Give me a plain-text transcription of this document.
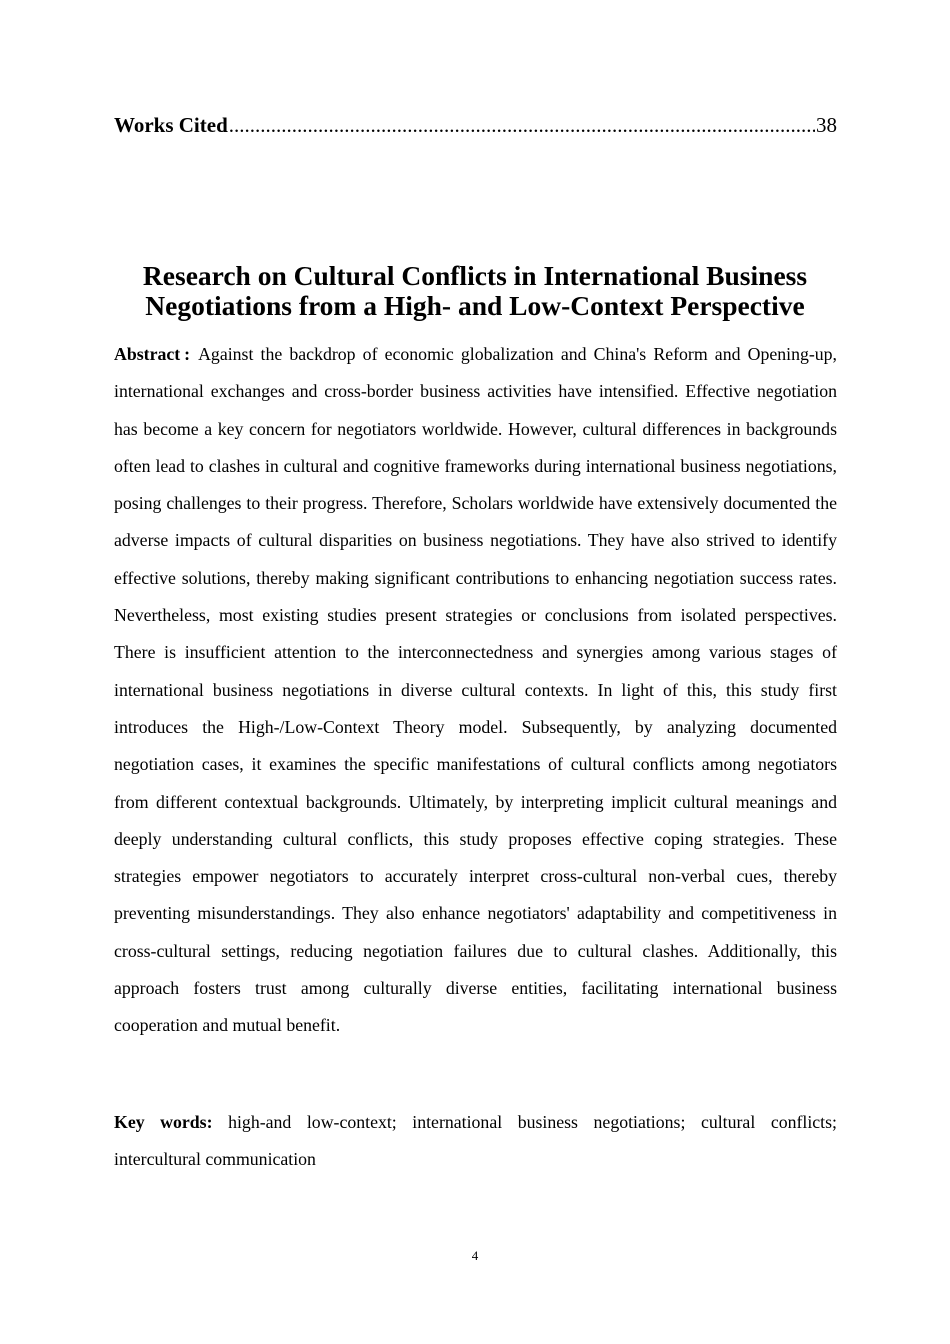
Works Cited
.....	38
Research on Cultural Conflicts in International Business
Negotiations from a High- and Low-Context Perspective

Abstract : Against the backdrop of economic globalization and China's Reform and Opening-up, international exchanges and cross-border business activities have intensified. Effective negotiation has become a key concern for negotiators worldwide. However, cultural differences in backgrounds often lead to clashes in cultural and cognitive frameworks during international business negotiations, posing challenges to their progress. Therefore, Scholars worldwide have extensively documented the adverse impacts of cultural disparities on business negotiations. They have also strived to identify effective solutions, thereby making significant contributions to enhancing negotiation success rates. Nevertheless, most existing studies present strategies or conclusions from isolated perspectives. There is insufficient attention to the interconnectedness and synergies among various stages of international business negotiations in diverse cultural contexts. In light of this, this study first introduces the High-/Low-Context Theory model. Subsequently, by analyzing documented negotiation cases, it examines the specific manifestations of cultural conflicts among negotiators from different contextual backgrounds. Ultimately, by interpreting implicit cultural meanings and deeply understanding cultural conflicts, this study proposes effective coping strategies. These strategies empower negotiators to accurately interpret cross-cultural non-verbal cues, thereby preventing misunderstandings. They also enhance negotiators' adaptability and competitiveness in cross-cultural settings, reducing negotiation failures due to cultural clashes. Additionally, this approach fosters trust among culturally diverse entities, facilitating international business cooperation and mutual benefit.

Key words: high-and low-context; international business negotiations; cultural conflicts; intercultural communication

4
